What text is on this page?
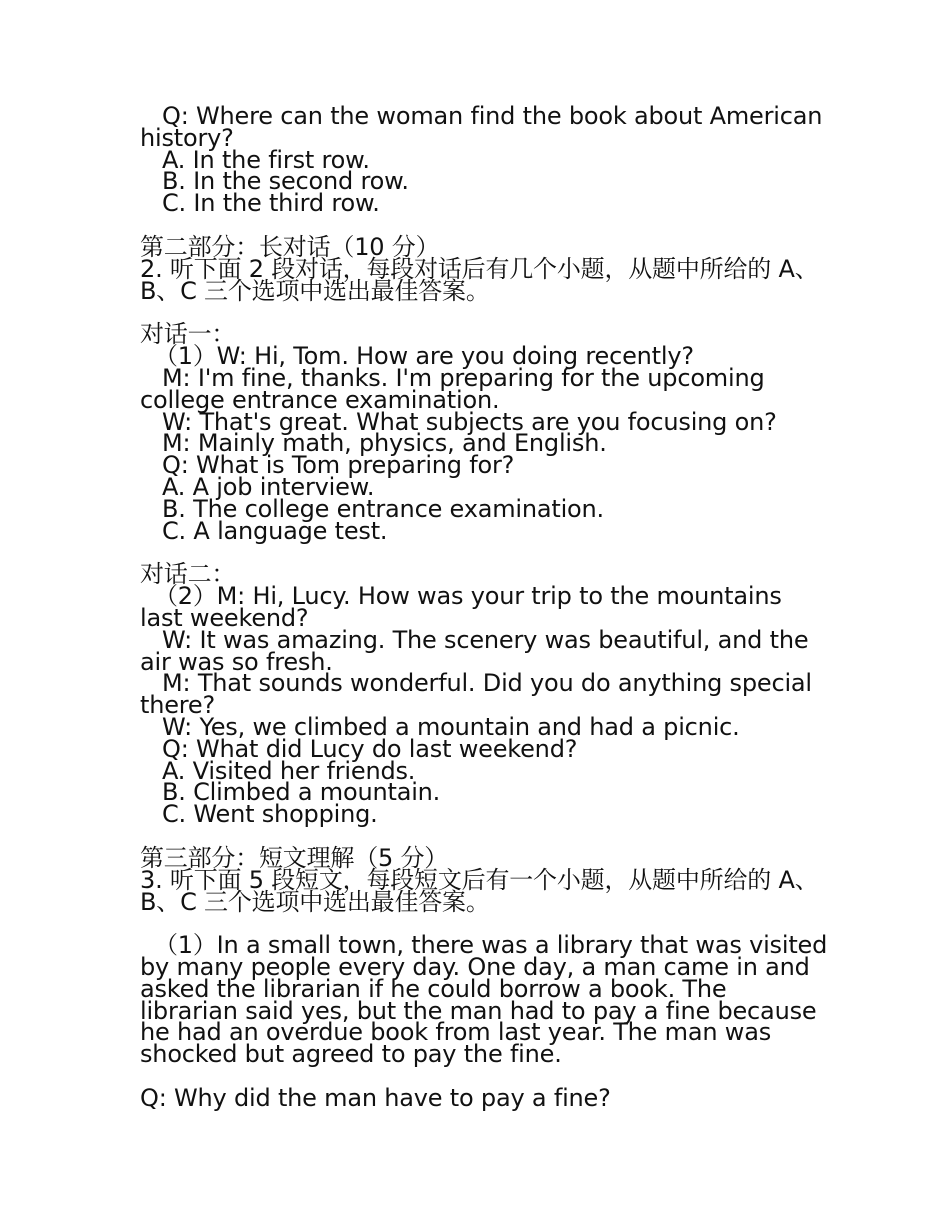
Q: Where can the woman find the book about American history?

A. In the first row.

B. In the second row.

C. In the third row.

第二部分：长对话（10 分）

2. 听下面 2 段对话，每段对话后有几个小题，从题中所给的 A、B、C 三个选项中选出最佳答案。

对话一：

（1）W: Hi, Tom. How are you doing recently?

M: I'm fine, thanks. I'm preparing for the upcoming college entrance examination.

W: That's great. What subjects are you focusing on?

M: Mainly math, physics, and English.

Q: What is Tom preparing for?

A. A job interview.

B. The college entrance examination.

C. A language test.

对话二：

（2）M: Hi, Lucy. How was your trip to the mountains last weekend?

W: It was amazing. The scenery was beautiful, and the air was so fresh.

M: That sounds wonderful. Did you do anything special there?

W: Yes, we climbed a mountain and had a picnic.

Q: What did Lucy do last weekend?

A. Visited her friends.

B. Climbed a mountain.

C. Went shopping.

第三部分：短文理解（5 分）

3. 听下面 5 段短文，每段短文后有一个小题，从题中所给的 A、B、C 三个选项中选出最佳答案。

（1）In a small town, there was a library that was visited by many people every day. One day, a man came in and asked the librarian if he could borrow a book. The librarian said yes, but the man had to pay a fine because he had an overdue book from last year. The man was shocked but agreed to pay the fine.

Q: Why did the man have to pay a fine?
